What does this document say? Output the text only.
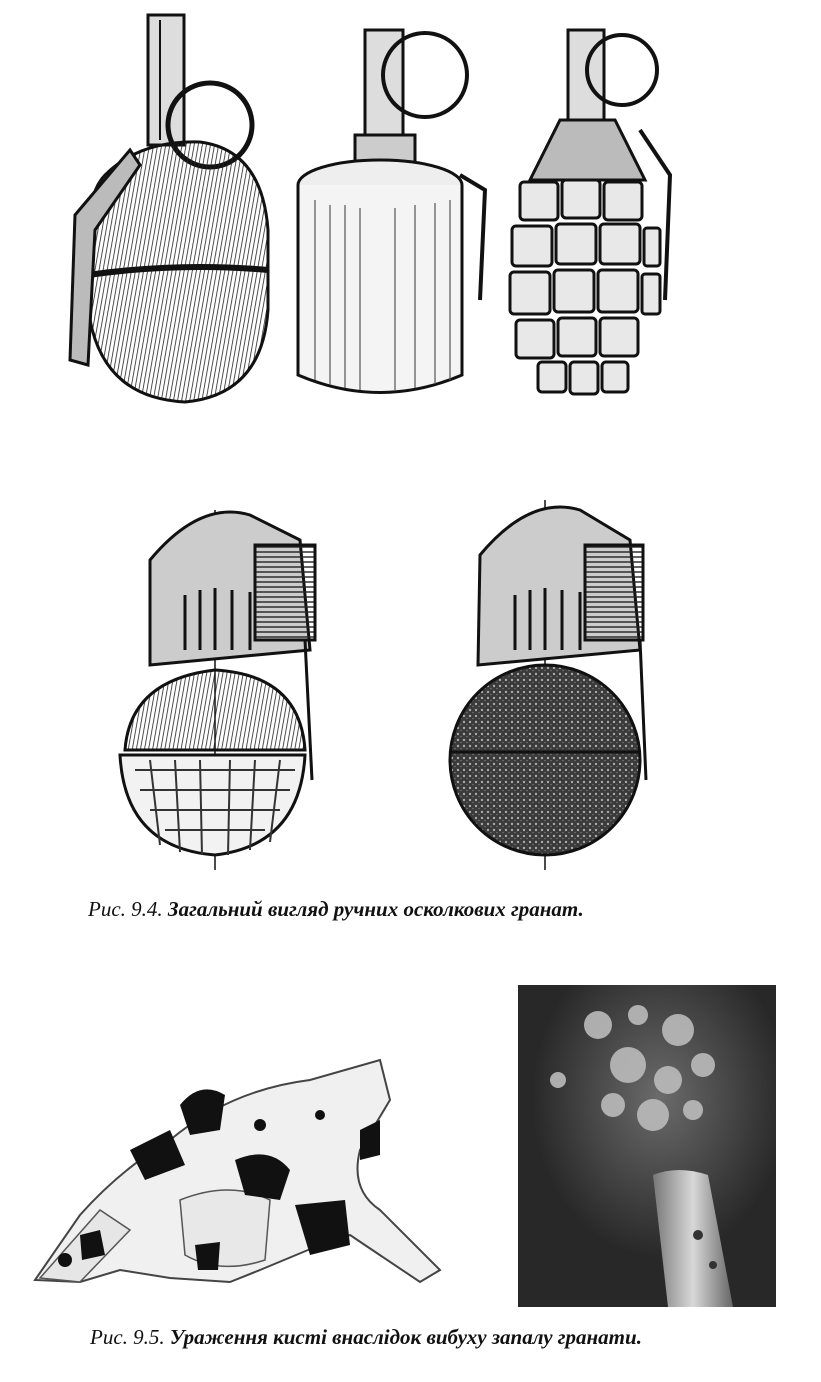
Рис. 9.4. Загальний вигляд ручних осколкових гранат.
Рис. 9.5. Ураження кисті внаслідок вибуху запалу гранати.
